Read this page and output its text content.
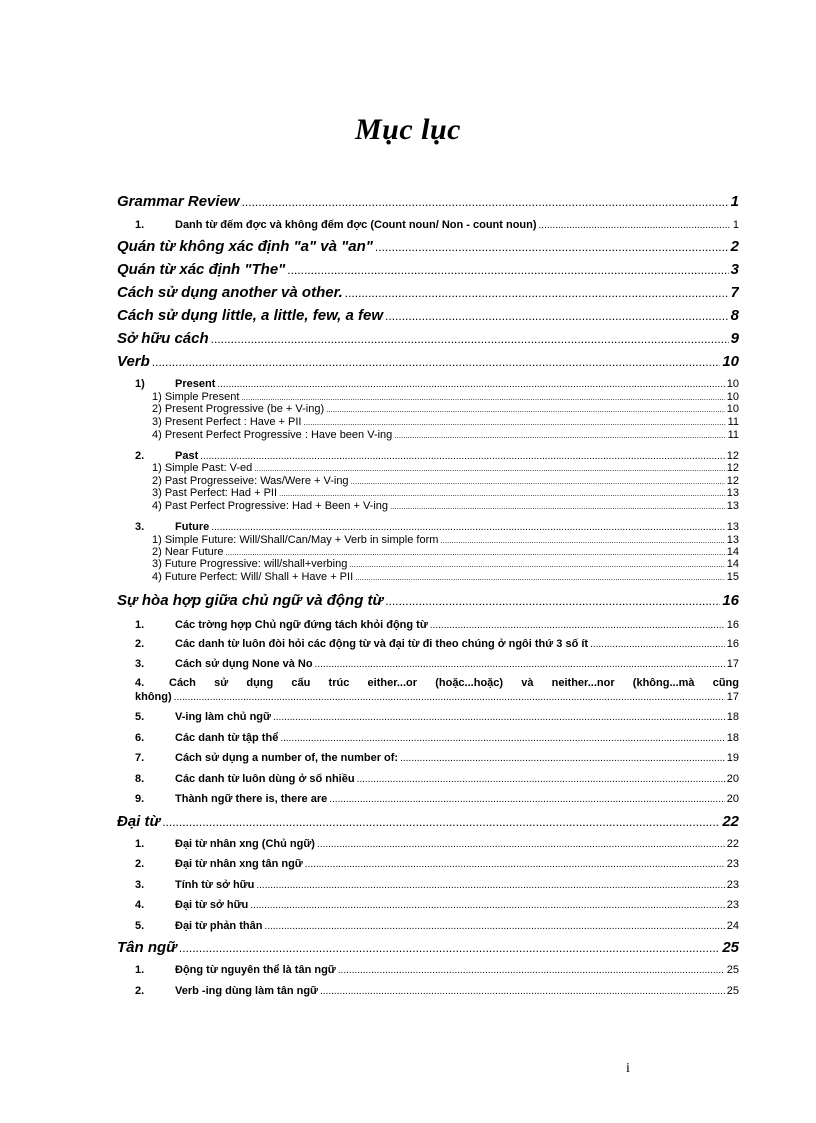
Mục lục
Grammar Review .....	1
1.	Danh từ đếm đợc và không đếm đợc (Count noun/ Non - count noun) .....	1
Quán từ không xác định "a" và "an" .....	2
Quán từ xác định "The" .....	3
Cách sử dụng another và other. .....	7
Cách sử dụng little, a little, few, a few .....	8
Sở hữu cách .....	9
Verb .....	10
1)	Present .....	10
1) Simple Present .....	10
2) Present Progressive (be + V-ing) .....	10
3) Present Perfect : Have + PII .....	11
4) Present Perfect Progressive : Have been V-ing .....	11
2.	Past .....	12
1) Simple Past: V-ed .....	12
2) Past Progresseive: Was/Were + V-ing .....	12
3) Past Perfect: Had + PII .....	13
4) Past Perfect Progressive: Had + Been + V-ing .....	13
3.	Future .....	13
1) Simple Future: Will/Shall/Can/May + Verb in simple form .....	13
2) Near Future .....	14
3) Future Progressive: will/shall+verbing .....	14
4) Future Perfect: Will/ Shall + Have + PII .....	15
Sự hòa hợp giữa chủ ngữ và động từ .....	16
1.	Các trờng hợp Chủ ngữ đứng tách khỏi động từ .....	16
2.	Các danh từ luôn đòi hỏi các động từ và đại từ đi theo chúng ở ngôi thứ 3 số ít .....	16
3.	Cách sử dụng None và No .....	17
4.	Cách sử dụng cấu trúc either...or (hoặc...hoặc) và neither...nor (không...mà cũng
không) .....	17
5.	V-ing làm chủ ngữ .....	18
6.	Các danh từ tập thể .....	18
7.	Cách sử dụng a number of, the number of: .....	19
8.	Các danh từ luôn dùng ở số nhiều .....	20
9.	Thành ngữ there is, there are .....	20
Đại từ .....	22
1.	Đại từ nhân xng (Chủ ngữ) .....	22
2.	Đại từ nhân xng tân ngữ .....	23
3.	Tính từ sở hữu .....	23
4.	Đại từ sở hữu .....	23
5.	Đại từ phản thân .....	24
Tân ngữ .....	25
1.	Động từ nguyên thể là tân ngữ .....	25
2.	Verb -ing dùng làm tân ngữ .....	25
i
